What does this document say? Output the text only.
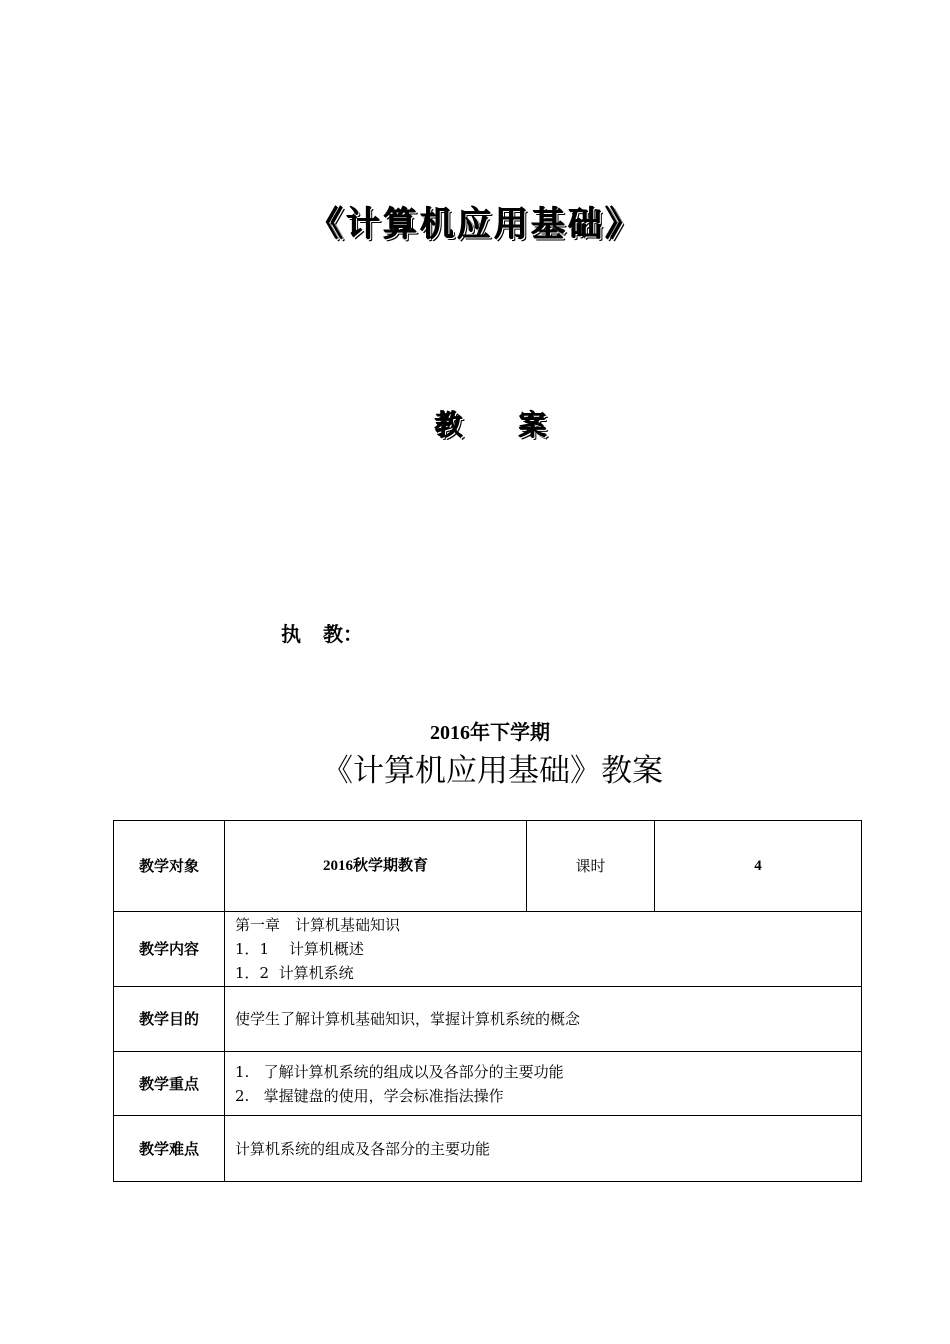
《计算机应用基础》
教 案
执 教：
2016年下学期
《计算机应用基础》教案
教学对象	2016秋学期教育	课时	4
教学内容	第一章　计算机基础知识
1．1　 计算机概述
1．2  计算机系统		

教学目的	使学生了解计算机基础知识，掌握计算机系统的概念		
教学重点	1.   了解计算机系统的组成以及各部分的主要功能
2.   掌握键盘的使用，学会标准指法操作		

教学难点	计算机系统的组成及各部分的主要功能		
